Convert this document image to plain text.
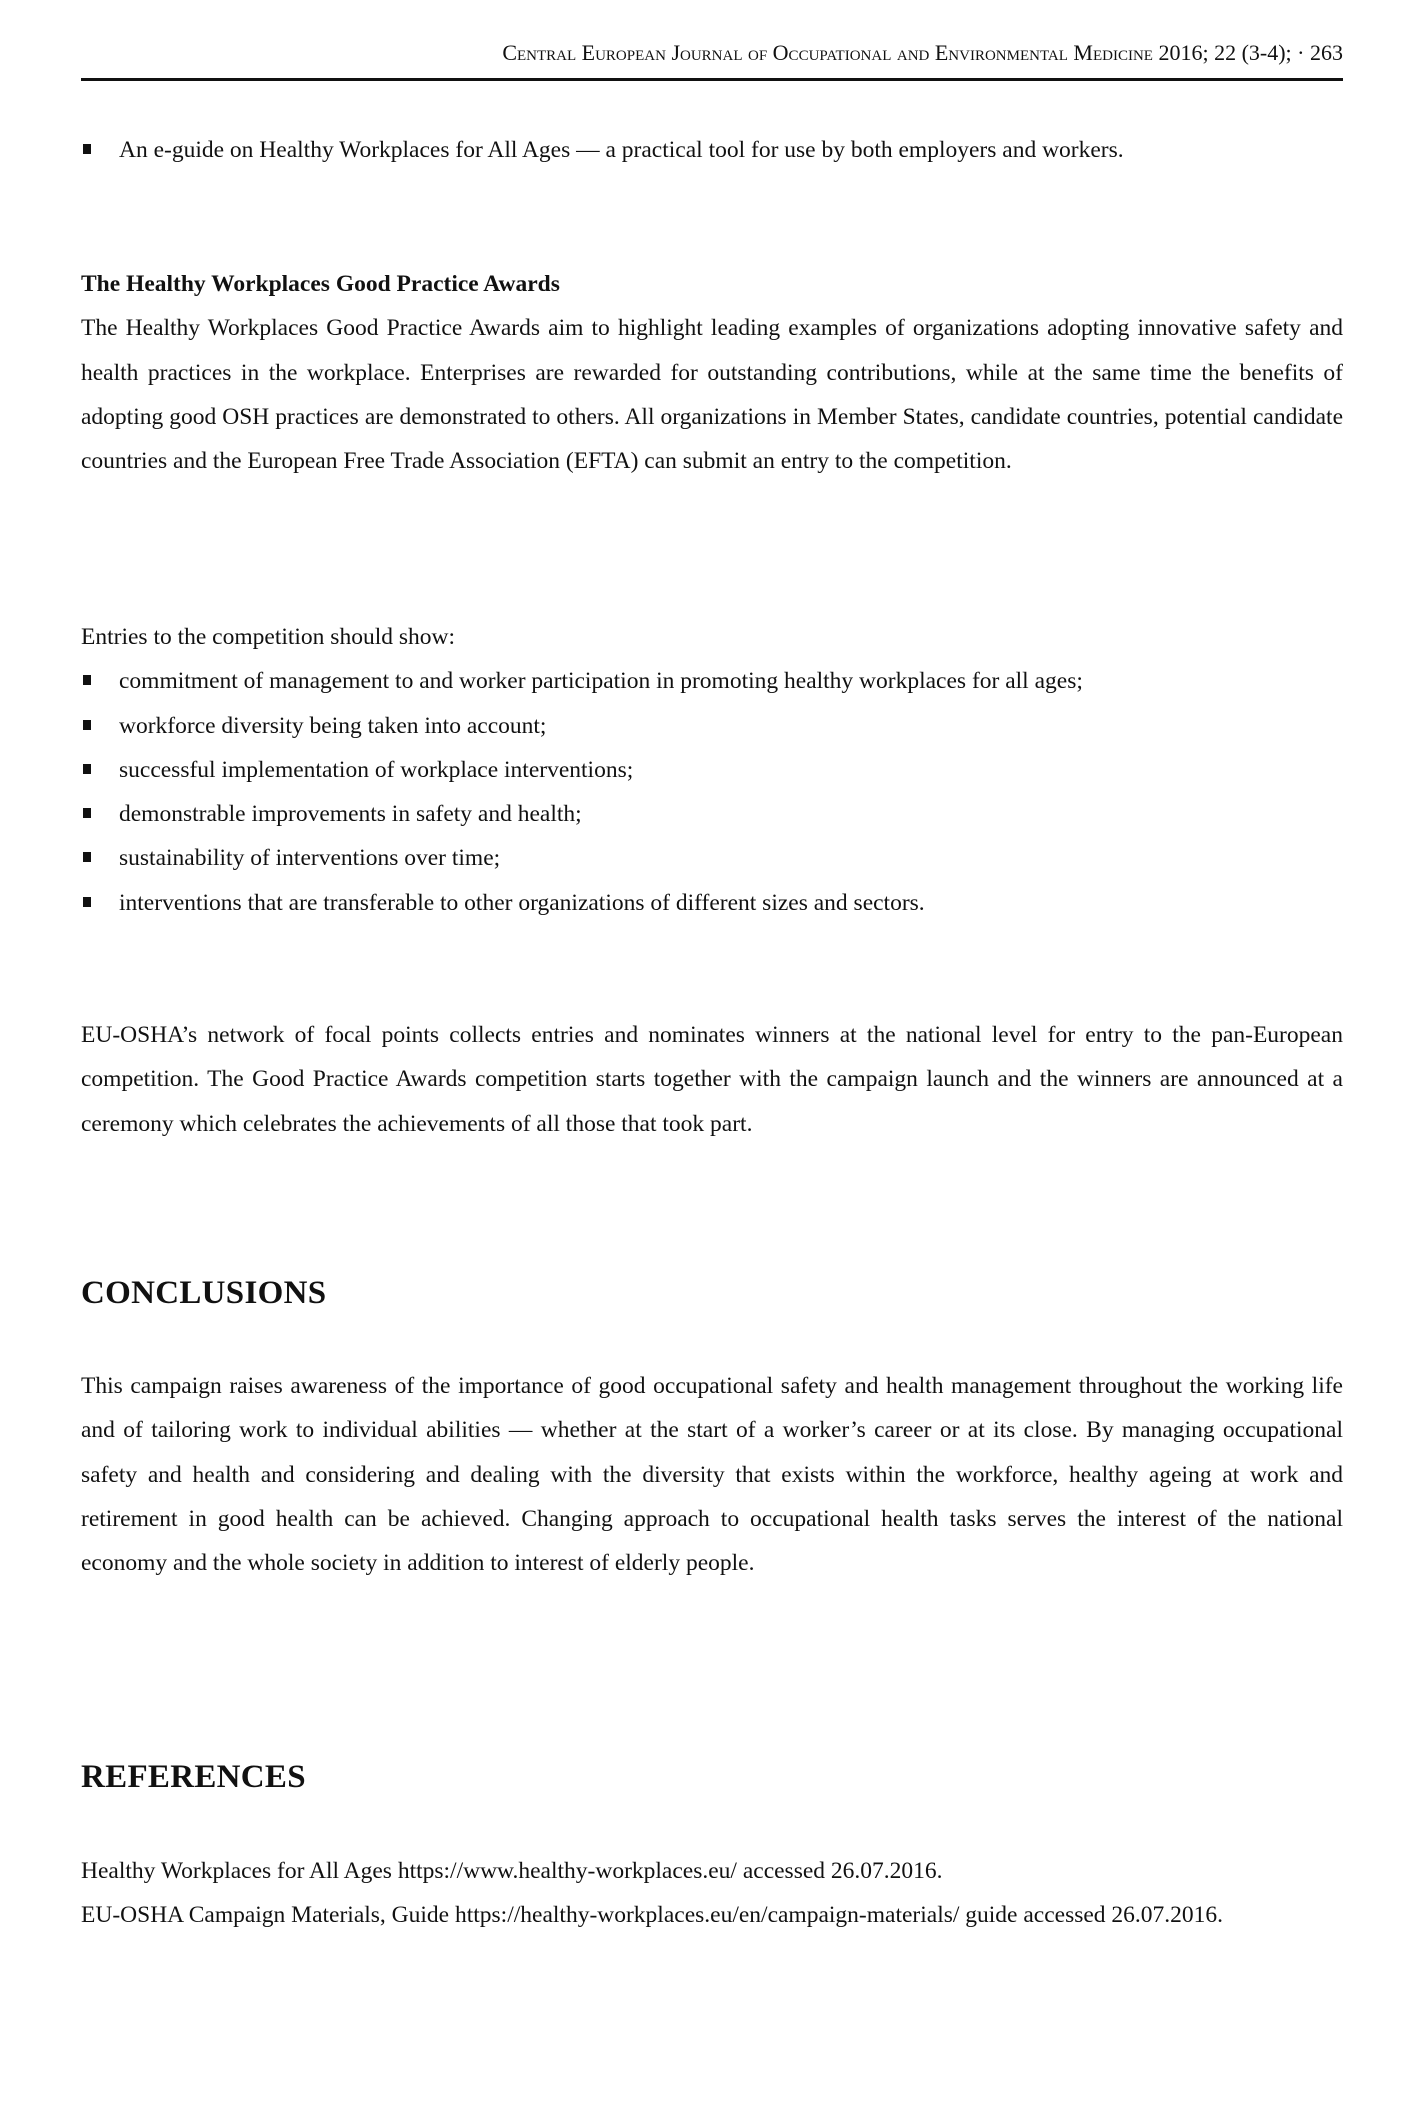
Central European Journal of Occupational and Environmental Medicine 2016; 22 (3-4); · 263
An e-guide on Healthy Workplaces for All Ages — a practical tool for use by both employers and workers.
The Healthy Workplaces Good Practice Awards

The Healthy Workplaces Good Practice Awards aim to highlight leading examples of organizations adopting innovative safety and health practices in the workplace. Enterprises are rewarded for outstanding contributions, while at the same time the benefits of adopting good OSH practices are demonstrated to others. All organizations in Member States, candidate countries, potential candidate countries and the European Free Trade Association (EFTA) can submit an entry to the competition.

Entries to the competition should show:

commitment of management to and worker participation in promoting healthy workplaces for all ages;
workforce diversity being taken into account;
successful implementation of workplace interventions;
demonstrable improvements in safety and health;
sustainability of interventions over time;
interventions that are transferable to other organizations of different sizes and sectors.

EU-OSHA’s network of focal points collects entries and nominates winners at the national level for entry to the pan-European competition. The Good Practice Awards competition starts together with the campaign launch and the winners are announced at a ceremony which celebrates the achievements of all those that took part.

CONCLUSIONS

This campaign raises awareness of the importance of good occupational safety and health management throughout the working life and of tailoring work to individual abilities — whether at the start of a worker’s career or at its close. By managing occupational safety and health and considering and dealing with the diversity that exists within the workforce, healthy ageing at work and retirement in good health can be achieved. Changing approach to occupational health tasks serves the interest of the national economy and the whole society in addition to interest of elderly people.

REFERENCES

Healthy Workplaces for All Ages https://www.healthy-workplaces.eu/ accessed 26.07.2016.

EU-OSHA Campaign Materials, Guide https://healthy-workplaces.eu/en/campaign-materials/ guide accessed 26.07.2016.
